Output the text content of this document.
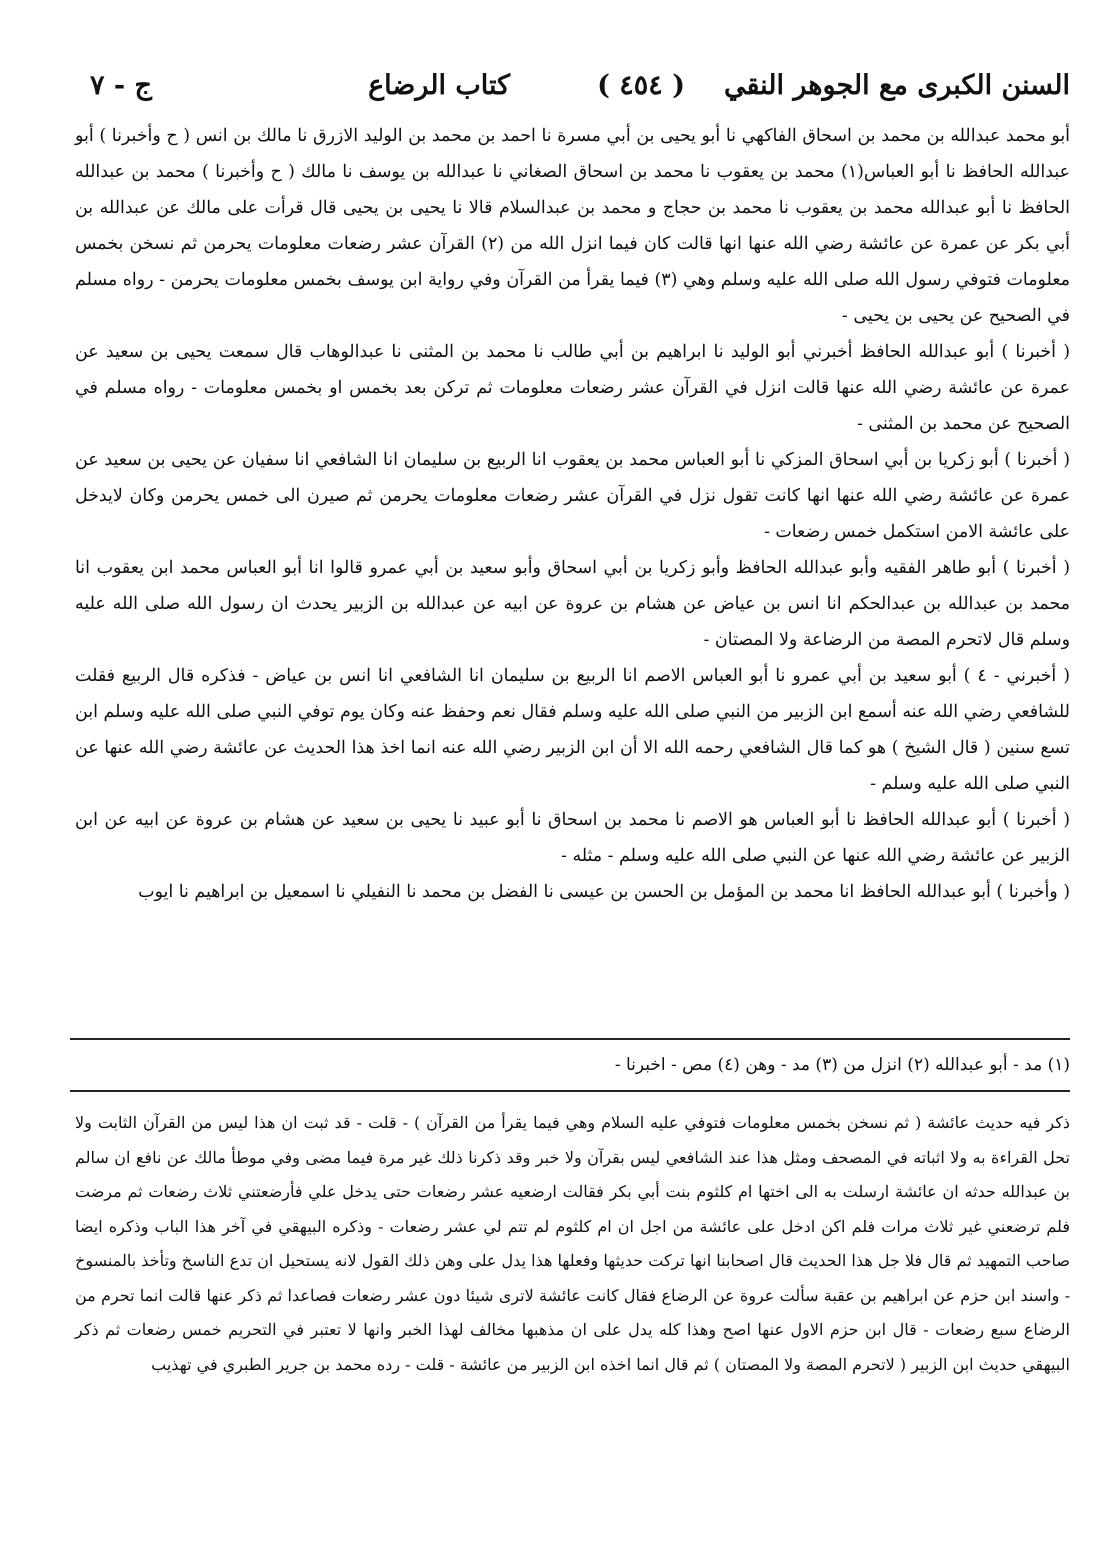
السنن الكبرى مع الجوهر النقي
( ٤٥٤ )
كتاب الرضاع
ج - ٧

أبو محمد عبدالله بن محمد بن اسحاق الفاكهي نا أبو يحيى بن أبي مسرة نا احمد بن محمد بن الوليد الازرق نا مالك بن انس ( ح وأخبرنا ) أبو عبدالله الحافظ نا أبو العباس(١) محمد بن يعقوب نا محمد بن اسحاق الصغاني نا عبدالله بن يوسف نا مالك ( ح وأخبرنا ) محمد بن عبدالله الحافظ نا أبو عبدالله محمد بن يعقوب نا محمد بن حجاج و محمد بن عبدالسلام قالا نا يحيى بن يحيى قال قرأت على مالك عن عبدالله بن أبي بكر عن عمرة عن عائشة رضي الله عنها انها قالت كان فيما انزل الله من (٢) القرآن عشر رضعات معلومات يحرمن ثم نسخن بخمس معلومات فتوفي رسول الله صلى الله عليه وسلم وهي (٣) فيما يقرأ من القرآن وفي رواية ابن يوسف بخمس معلومات يحرمن - رواه مسلم في الصحيح عن يحيى بن يحيى -

( أخبرنا ) أبو عبدالله الحافظ أخبرني أبو الوليد نا ابراهيم بن أبي طالب نا محمد بن المثنى نا عبدالوهاب قال سمعت يحيى بن سعيد عن عمرة عن عائشة رضي الله عنها قالت انزل في القرآن عشر رضعات معلومات ثم تركن بعد بخمس او بخمس معلومات - رواه مسلم في الصحيح عن محمد بن المثنى -

( أخبرنا ) أبو زكريا بن أبي اسحاق المزكي نا أبو العباس محمد بن يعقوب انا الربيع بن سليمان انا الشافعي انا سفيان عن يحيى بن سعيد عن عمرة عن عائشة رضي الله عنها انها كانت تقول نزل في القرآن عشر رضعات معلومات يحرمن ثم صيرن الى خمس يحرمن وكان لايدخل على عائشة الامن استكمل خمس رضعات -

( أخبرنا ) أبو طاهر الفقيه وأبو عبدالله الحافظ وأبو زكريا بن أبي اسحاق وأبو سعيد بن أبي عمرو قالوا انا أبو العباس محمد ابن يعقوب انا محمد بن عبدالله بن عبدالحكم انا انس بن عياض عن هشام بن عروة عن ابيه عن عبدالله بن الزبير يحدث ان رسول الله صلى الله عليه وسلم قال لاتحرم المصة من الرضاعة ولا المصتان -

( أخبرني - ٤ ) أبو سعيد بن أبي عمرو نا أبو العباس الاصم انا الربيع بن سليمان انا الشافعي انا انس بن عياض - فذكره قال الربيع فقلت للشافعي رضي الله عنه أسمع ابن الزبير من النبي صلى الله عليه وسلم فقال نعم وحفظ عنه وكان يوم توفي النبي صلى الله عليه وسلم ابن تسع سنين ( قال الشيخ ) هو كما قال الشافعي رحمه الله الا أن ابن الزبير رضي الله عنه انما اخذ هذا الحديث عن عائشة رضي الله عنها عن النبي صلى الله عليه وسلم -

( أخبرنا ) أبو عبدالله الحافظ نا أبو العباس هو الاصم نا محمد بن اسحاق نا أبو عبيد نا يحيى بن سعيد عن هشام بن عروة عن ابيه عن ابن الزبير عن عائشة رضي الله عنها عن النبي صلى الله عليه وسلم - مثله -

( وأخبرنا ) أبو عبدالله الحافظ انا محمد بن المؤمل بن الحسن بن عيسى نا الفضل بن محمد نا النفيلي نا اسمعيل بن ابراهيم نا ايوب

(١) مد - أبو عبدالله (٢) انزل من (٣) مد - وهن (٤) مص - اخبرنا -

ذكر فيه حديث عائشة ( ثم نسخن بخمس معلومات فتوفي عليه السلام وهي فيما يقرأ من القرآن ) - قلت - قد ثبت ان هذا ليس من القرآن الثابت ولا تحل القراءة به ولا اثباته في المصحف ومثل هذا عند الشافعي ليس بقرآن ولا خبر وقد ذكرنا ذلك غير مرة فيما مضى وفي موطأ مالك عن نافع ان سالم بن عبدالله حدثه ان عائشة ارسلت به الى اختها ام كلثوم بنت أبي بكر فقالت ارضعيه عشر رضعات حتى يدخل علي فأرضعتني ثلاث رضعات ثم مرضت فلم ترضعني غير ثلاث مرات فلم اكن ادخل على عائشة من اجل ان ام كلثوم لم تتم لي عشر رضعات - وذكره البيهقي في آخر هذا الباب وذكره ايضا صاحب التمهيد ثم قال فلا جل هذا الحديث قال اصحابنا انها تركت حديثها وفعلها هذا يدل على وهن ذلك القول لانه يستحيل ان تدع الناسخ وتأخذ بالمنسوخ - واسند ابن حزم عن ابراهيم بن عقبة سألت عروة عن الرضاع فقال كانت عائشة لاترى شيئا دون عشر رضعات فصاعدا ثم ذكر عنها قالت انما تحرم من الرضاع سبع رضعات - قال ابن حزم الاول عنها اصح وهذا كله يدل على ان مذهبها مخالف لهذا الخبر وانها لا تعتبر في التحريم خمس رضعات ثم ذكر البيهقي حديث ابن الزبير ( لاتحرم المصة ولا المصتان ) ثم قال انما اخذه ابن الزبير من عائشة - قلت - رده محمد بن جرير الطبري في تهذيب
